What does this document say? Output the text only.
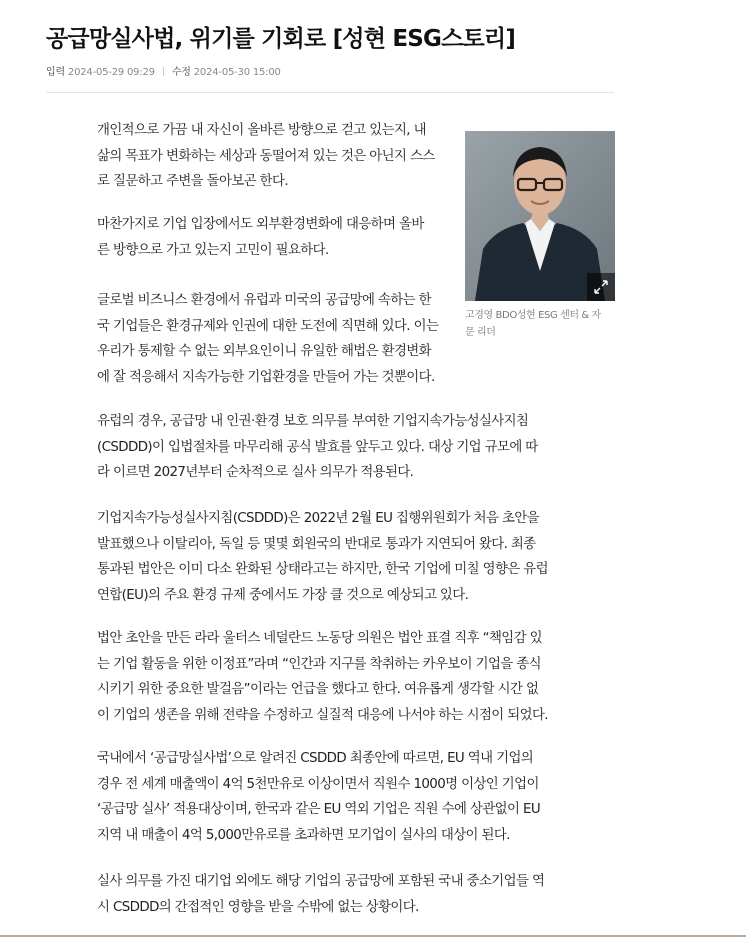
공급망실사법, 위기를 기회로 [성현 ESG스토리]
입력 2024-05-29 09:29 수정 2024-05-30 15:00
고경영 BDO성현 ESG 센터 & 자
문 리더

개인적으로 가끔 내 자신이 올바른 방향으로 걷고 있는지, 내
삶의 목표가 변화하는 세상과 동떨어져 있는 것은 아닌지 스스
로 질문하고 주변을 돌아보곤 한다.

마찬가지로 기업 입장에서도 외부환경변화에 대응하며 올바
른 방향으로 가고 있는지 고민이 필요하다.

글로벌 비즈니스 환경에서 유럽과 미국의 공급망에 속하는 한
국 기업들은 환경규제와 인권에 대한 도전에 직면해 있다. 이는
우리가 통제할 수 없는 외부요인이니 유일한 해법은 환경변화
에 잘 적응해서 지속가능한 기업환경을 만들어 가는 것뿐이다.

유럽의 경우, 공급망 내 인권·환경 보호 의무를 부여한 기업지속가능성실사지침
(CSDDD)이 입법절차를 마무리해 공식 발효를 앞두고 있다. 대상 기업 규모에 따
라 이르면 2027년부터 순차적으로 실사 의무가 적용된다.

기업지속가능성실사지침(CSDDD)은 2022년 2월 EU 집행위원회가 처음 초안을
발표했으나 이탈리아, 독일 등 몇몇 회원국의 반대로 통과가 지연되어 왔다. 최종
통과된 법안은 이미 다소 완화된 상태라고는 하지만, 한국 기업에 미칠 영향은 유럽
연합(EU)의 주요 환경 규제 중에서도 가장 클 것으로 예상되고 있다.

법안 초안을 만든 라라 울터스 네덜란드 노동당 의원은 법안 표결 직후 “책임감 있
는 기업 활동을 위한 이정표”라며 “인간과 지구를 착취하는 카우보이 기업을 종식
시키기 위한 중요한 발걸음”이라는 언급을 했다고 한다. 여유롭게 생각할 시간 없
이 기업의 생존을 위해 전략을 수정하고 실질적 대응에 나서야 하는 시점이 되었다.

국내에서 ‘공급망실사법’으로 알려진 CSDDD 최종안에 따르면, EU 역내 기업의
경우 전 세계 매출액이 4억 5천만유로 이상이면서 직원수 1000명 이상인 기업이
‘공급망 실사’ 적용대상이며, 한국과 같은 EU 역외 기업은 직원 수에 상관없이 EU
지역 내 매출이 4억 5,000만유로를 초과하면 모기업이 실사의 대상이 된다.

실사 의무를 가진 대기업 외에도 해당 기업의 공급망에 포함된 국내 중소기업들 역
시 CSDDD의 간접적인 영향을 받을 수밖에 없는 상황이다.
